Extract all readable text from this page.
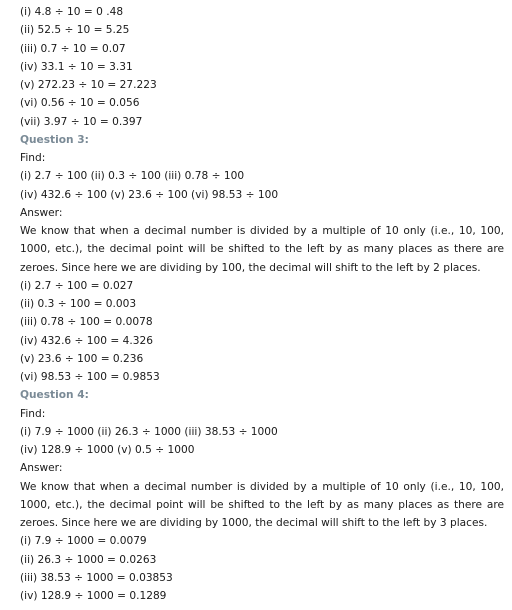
(i) 4.8 ÷ 10 = 0 .48
(ii) 52.5 ÷ 10 = 5.25
(iii) 0.7 ÷ 10 = 0.07
(iv) 33.1 ÷ 10 = 3.31
(v) 272.23 ÷ 10 = 27.223
(vi) 0.56 ÷ 10 = 0.056
(vii) 3.97 ÷ 10 = 0.397
Question 3:
Find:
(i) 2.7 ÷ 100 (ii) 0.3 ÷ 100 (iii) 0.78 ÷ 100
(iv) 432.6 ÷ 100 (v) 23.6 ÷ 100 (vi) 98.53 ÷ 100
Answer:
We know that when a decimal number is divided by a multiple of 10 only (i.e., 10, 100, 1000, etc.), the decimal point will be shifted to the left by as many places as there are zeroes. Since here we are dividing by 100, the decimal will shift to the left by 2 places.
(i) 2.7 ÷ 100 = 0.027
(ii) 0.3 ÷ 100 = 0.003
(iii) 0.78 ÷ 100 = 0.0078
(iv) 432.6 ÷ 100 = 4.326
(v) 23.6 ÷ 100 = 0.236
(vi) 98.53 ÷ 100 = 0.9853
Question 4:
Find:
(i) 7.9 ÷ 1000 (ii) 26.3 ÷ 1000 (iii) 38.53 ÷ 1000
(iv) 128.9 ÷ 1000 (v) 0.5 ÷ 1000
Answer:
We know that when a decimal number is divided by a multiple of 10 only (i.e., 10, 100, 1000, etc.), the decimal point will be shifted to the left by as many places as there are zeroes. Since here we are dividing by 1000, the decimal will shift to the left by 3 places.
(i) 7.9 ÷ 1000 = 0.0079
(ii) 26.3 ÷ 1000 = 0.0263
(iii) 38.53 ÷ 1000 = 0.03853
(iv) 128.9 ÷ 1000 = 0.1289
